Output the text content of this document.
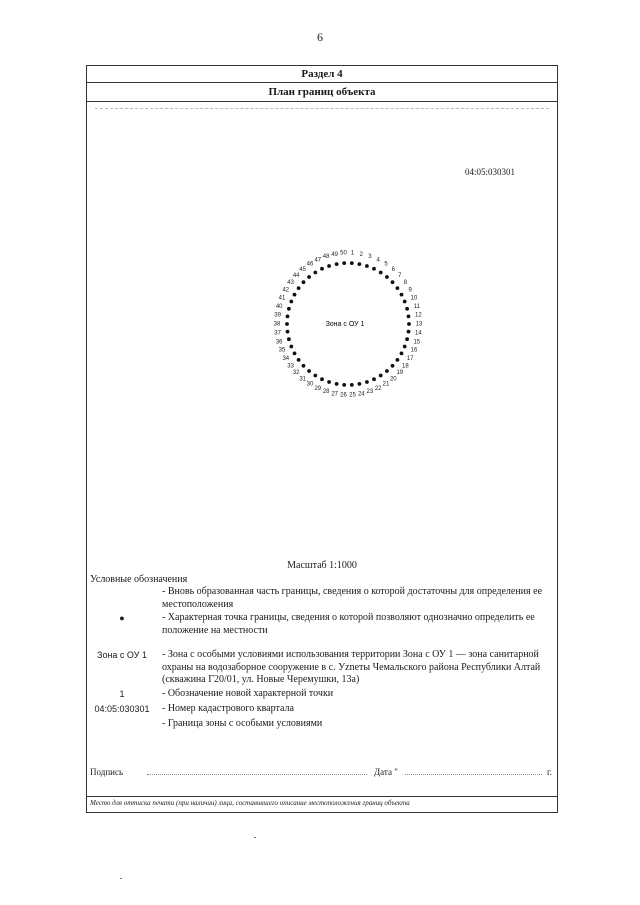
6
Раздел 4
План границ объекта
04:05:030301
Зона с ОУ 1
1 2 3
4
5
6
7
8
9
10
11
12
13
14
15
16
17
18
19
20
21
22
23
24
25
26
27
28
29
30
31
32
33
34
35
36
37
38
39
40
41
42
43
44
45
46
47
48 49 50
Масштаб 1:1000
Условные обозначения
- Вновь образованная часть границы, сведения о которой достаточны для определения ее местоположения
●	- Характерная точка границы, сведения о которой позволяют однозначно определить ее положение на местности
Зона с ОУ 1	- Зона с особыми условиями использования территории Зона с ОУ 1 — зона санитарной охраны на водозаборное сооружение в с. Уznеты Чемальского района Республики Алтай (скважина Г20/01, ул. Новые Черемушки, 13а)
1	- Обозначение новой характерной точки
04:05:030301	- Номер кадастрового квартала
- Граница зоны с особыми условиями
Подпись	Дата "	г.
Место для оттиска печати (при наличии) лица, составившего описание местоположения границ объекта
